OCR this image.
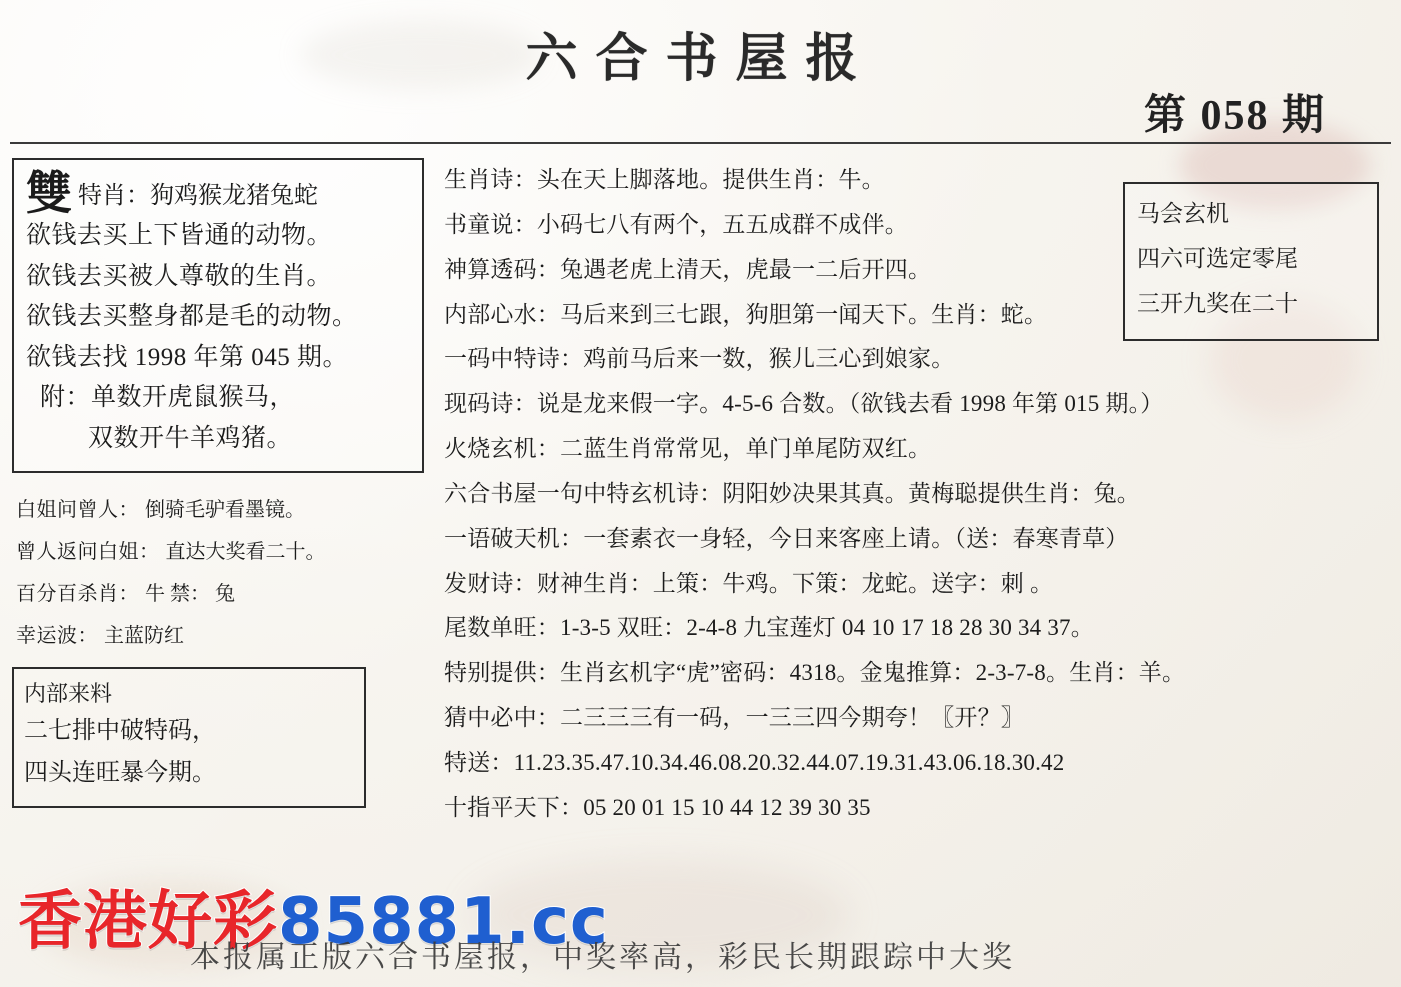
六合书屋报
第 058 期
雙特肖：狗鸡猴龙猪兔蛇
欲钱去买上下皆通的动物。
欲钱去买被人尊敬的生肖。
欲钱去买整身都是毛的动物。
欲钱去找 1998 年第 045 期。
附：单数开虎鼠猴马，
双数开牛羊鸡猪。
白姐问曾人： 倒骑毛驴看墨镜。
曾人返问白姐： 直达大奖看二十。
百分百杀肖： 牛 禁： 兔
幸运波： 主蓝防红
内部来料
二七排中破特码，
四头连旺暴今期。
生肖诗：头在天上脚落地。提供生肖：牛。
书童说：小码七八有两个，五五成群不成伴。
神算透码：兔遇老虎上清天，虎最一二后开四。
内部心水：马后来到三七跟，狗胆第一闻天下。生肖：蛇。
一码中特诗：鸡前马后来一数，猴儿三心到娘家。
现码诗：说是龙来假一字。4-5-6 合数。（欲钱去看 1998 年第 015 期。）
火烧玄机：二蓝生肖常常见，单门单尾防双红。
六合书屋一句中特玄机诗：阴阳妙决果其真。黄梅聪提供生肖：兔。
一语破天机：一套素衣一身轻，今日来客座上请。（送：春寒青草）
发财诗：财神生肖：上策：牛鸡。下策：龙蛇。送字：刺 。
尾数单旺：1-3-5 双旺：2-4-8 九宝莲灯 04 10 17 18 28 30 34 37。
特别提供：生肖玄机字“虎”密码：4318。金鬼推算：2-3-7-8。生肖：羊。
猜中必中：二三三三有一码，一三三四今期夸！〖开？〗
特送：11.23.35.47.10.34.46.08.20.32.44.07.19.31.43.06.18.30.42
十指平天下：05 20 01 15 10 44 12 39 30 35
马会玄机
四六可选定零尾
三开九奖在二十
香港好彩85881.cc
本报属正版六合书屋报，中奖率高，彩民长期跟踪中大奖
